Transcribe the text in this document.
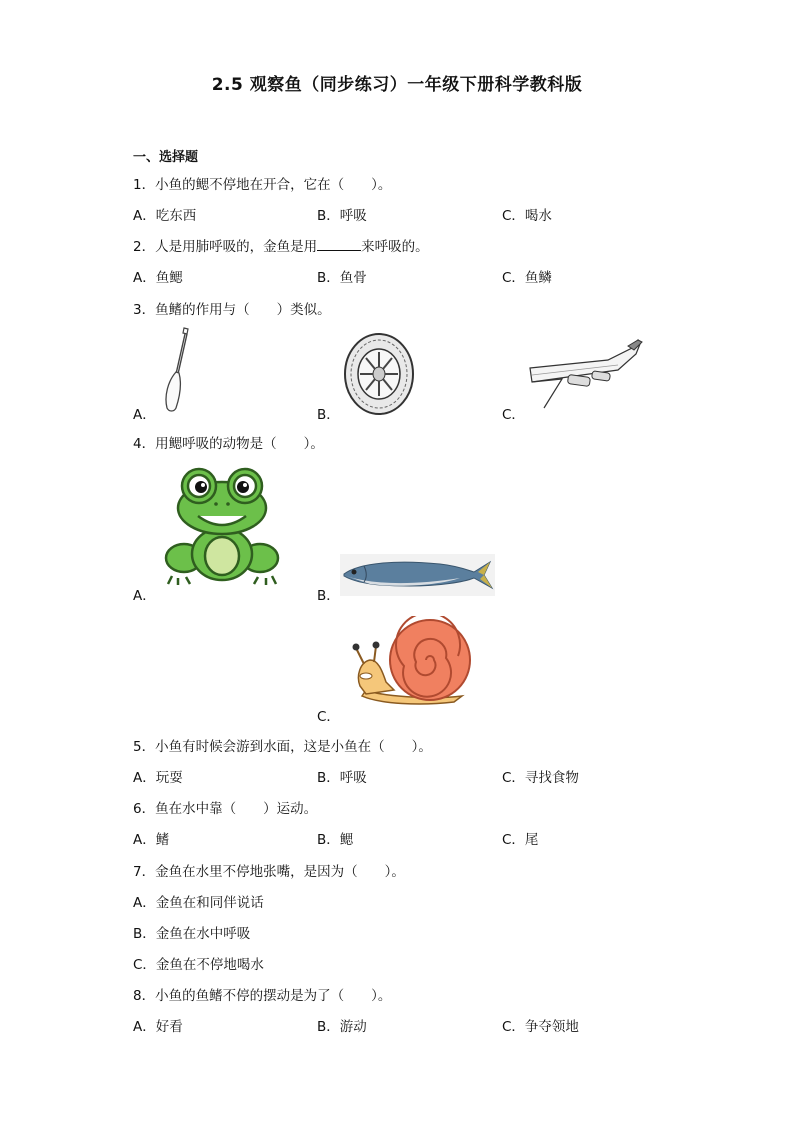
2.5 观察鱼（同步练习）一年级下册科学教科版
一、选择题
1．小鱼的鳃不停地在开合，它在（　　）。
A．吃东西	B．呼吸	C．喝水
2．人是用肺呼吸的，金鱼是用	来呼吸的。
A．鱼鳃	B．鱼骨	C．鱼鳞
3．鱼鳍的作用与（　　）类似。
A．	B．	C．
4．用鳃呼吸的动物是（　　）。
A．	B．
C．
5．小鱼有时候会游到水面，这是小鱼在（　　）。
A．玩耍	B．呼吸	C．寻找食物
6．鱼在水中靠（　　）运动。
A．鳍	B．鳃	C．尾
7．金鱼在水里不停地张嘴，是因为（　　）。
A．金鱼在和同伴说话
B．金鱼在水中呼吸
C．金鱼在不停地喝水
8．小鱼的鱼鳍不停的摆动是为了（　　）。
A．好看	B．游动	C．争夺领地
